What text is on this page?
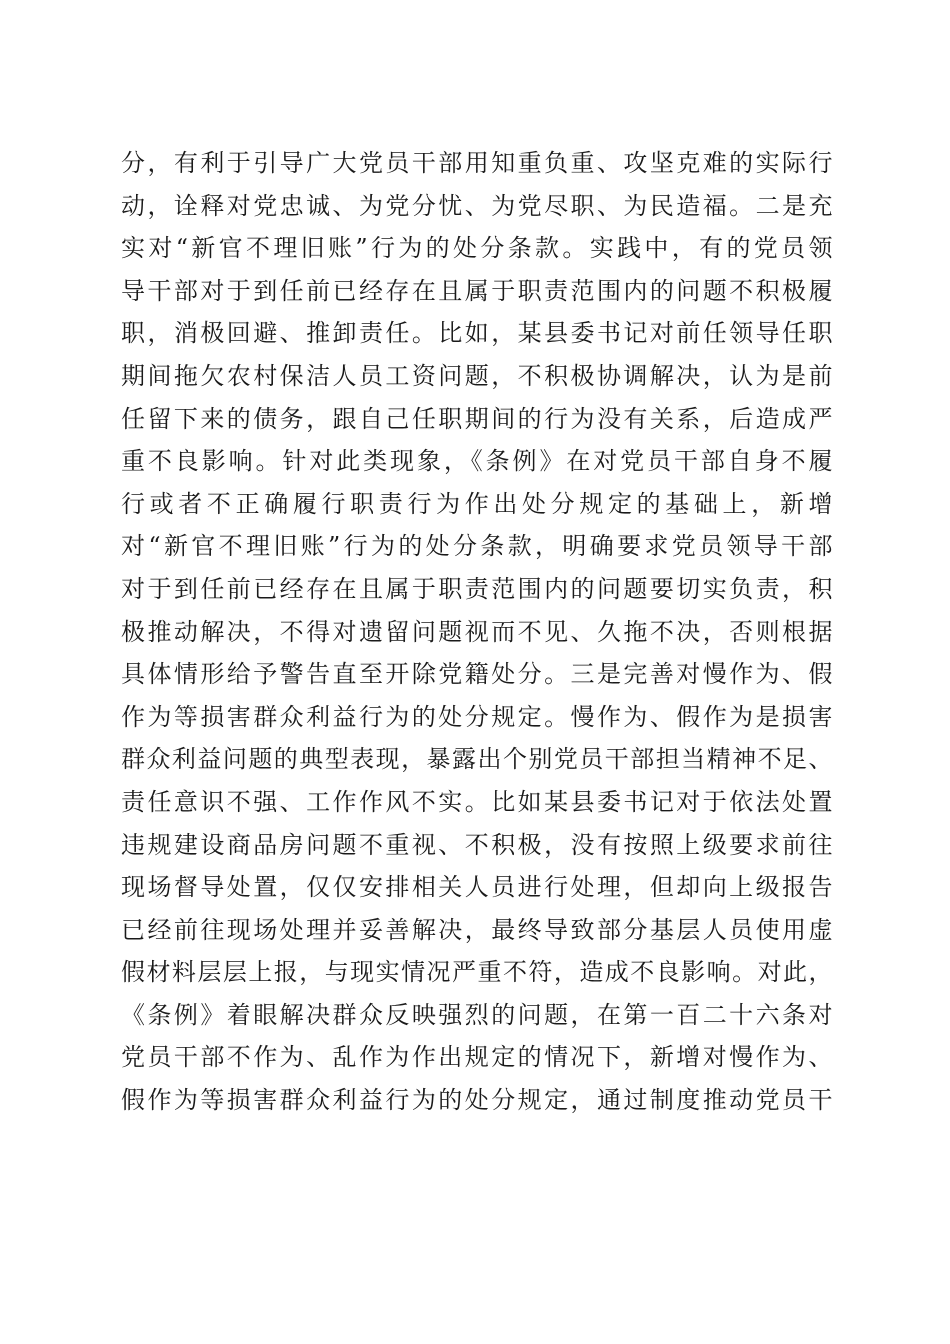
分，有利于引导广大党员干部用知重负重、攻坚克难的实际行
动，诠释对党忠诚、为党分忧、为党尽职、为民造福。二是充
实对“新官不理旧账”行为的处分条款。实践中，有的党员领
导干部对于到任前已经存在且属于职责范围内的问题不积极履
职，消极回避、推卸责任。比如，某县委书记对前任领导任职
期间拖欠农村保洁人员工资问题，不积极协调解决，认为是前
任留下来的债务，跟自己任职期间的行为没有关系，后造成严
重不良影响。针对此类现象，《条例》在对党员干部自身不履
行或者不正确履行职责行为作出处分规定的基础上，新增
对“新官不理旧账”行为的处分条款，明确要求党员领导干部
对于到任前已经存在且属于职责范围内的问题要切实负责，积
极推动解决，不得对遗留问题视而不见、久拖不决，否则根据
具体情形给予警告直至开除党籍处分。三是完善对慢作为、假
作为等损害群众利益行为的处分规定。慢作为、假作为是损害
群众利益问题的典型表现，暴露出个别党员干部担当精神不足、
责任意识不强、工作作风不实。比如某县委书记对于依法处置
违规建设商品房问题不重视、不积极，没有按照上级要求前往
现场督导处置，仅仅安排相关人员进行处理，但却向上级报告
已经前往现场处理并妥善解决，最终导致部分基层人员使用虚
假材料层层上报，与现实情况严重不符，造成不良影响。对此，
《条例》着眼解决群众反映强烈的问题，在第一百二十六条对
党员干部不作为、乱作为作出规定的情况下，新增对慢作为、
假作为等损害群众利益行为的处分规定，通过制度推动党员干
